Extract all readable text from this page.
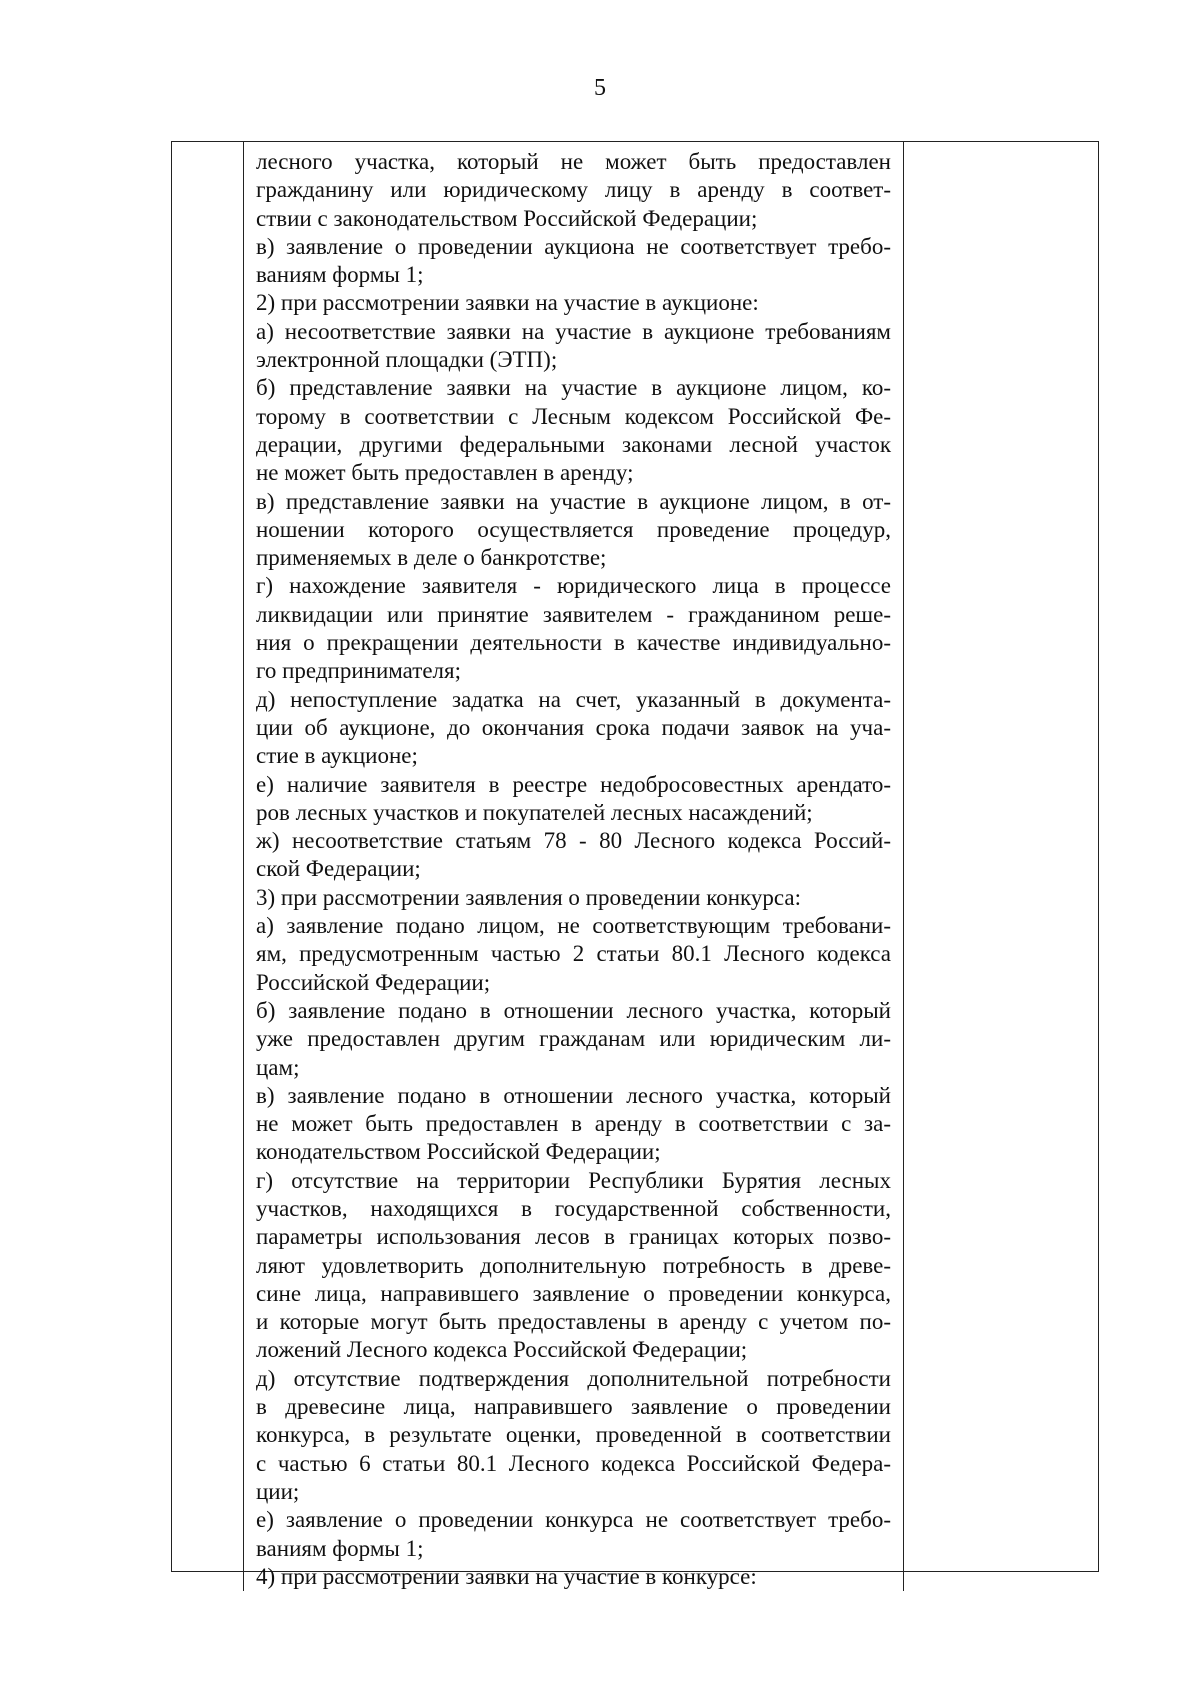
5
лесного участка, который не может быть предоставлен
гражданину или юридическому лицу в аренду в соответ-
ствии с законодательством Российской Федерации;
в) заявление о проведении аукциона не соответствует требо-
ваниям формы 1;
2) при рассмотрении заявки на участие в аукционе:
а) несоответствие заявки на участие в аукционе требованиям
электронной площадки (ЭТП);
б) представление заявки на участие в аукционе лицом, ко-
торому в соответствии с Лесным кодексом Российской Фе-
дерации, другими федеральными законами лесной участок
не может быть предоставлен в аренду;
в) представление заявки на участие в аукционе лицом, в от-
ношении которого осуществляется проведение процедур,
применяемых в деле о банкротстве;
г) нахождение заявителя - юридического лица в процессе
ликвидации или принятие заявителем - гражданином реше-
ния о прекращении деятельности в качестве индивидуально-
го предпринимателя;
д) непоступление задатка на счет, указанный в документа-
ции об аукционе, до окончания срока подачи заявок на уча-
стие в аукционе;
е) наличие заявителя в реестре недобросовестных арендато-
ров лесных участков и покупателей лесных насаждений;
ж) несоответствие статьям 78 - 80 Лесного кодекса Россий-
ской Федерации;
3) при рассмотрении заявления о проведении конкурса:
а) заявление подано лицом, не соответствующим требовани-
ям, предусмотренным частью 2 статьи 80.1 Лесного кодекса
Российской Федерации;
б) заявление подано в отношении лесного участка, который
уже предоставлен другим гражданам или юридическим ли-
цам;
в) заявление подано в отношении лесного участка, который
не может быть предоставлен в аренду в соответствии с за-
конодательством Российской Федерации;
г) отсутствие на территории Республики Бурятия лесных
участков, находящихся в государственной собственности,
параметры использования лесов в границах которых позво-
ляют удовлетворить дополнительную потребность в древе-
сине лица, направившего заявление о проведении конкурса,
и которые могут быть предоставлены в аренду с учетом по-
ложений Лесного кодекса Российской Федерации;
д) отсутствие подтверждения дополнительной потребности
в древесине лица, направившего заявление о проведении
конкурса, в результате оценки, проведенной в соответствии
с частью 6 статьи 80.1 Лесного кодекса Российской Федера-
ции;
е) заявление о проведении конкурса не соответствует требо-
ваниям формы 1;
4) при рассмотрении заявки на участие в конкурсе:
